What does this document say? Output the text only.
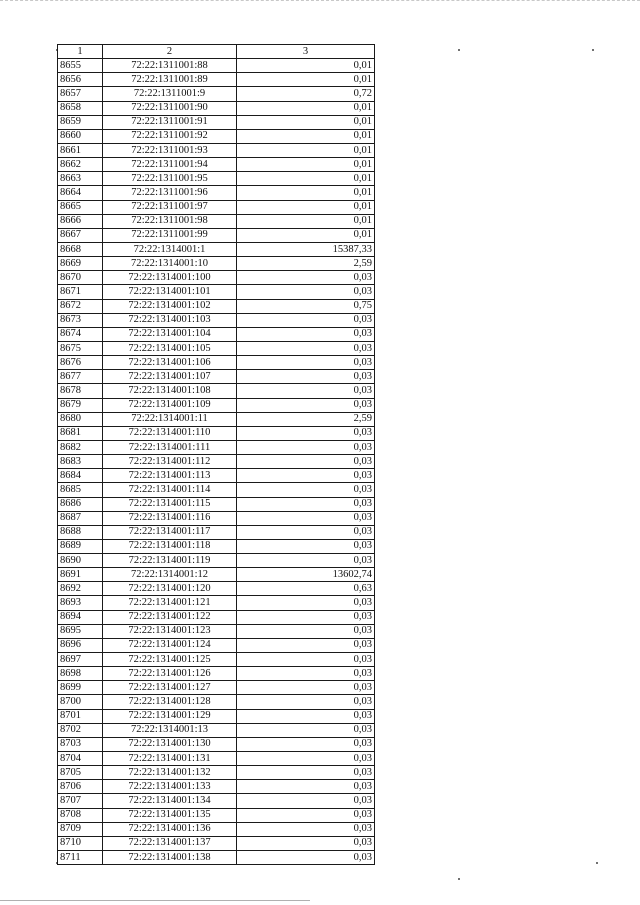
1	2	3
8655	72:22:1311001:88	0,01
8656	72:22:1311001:89	0,01
8657	72:22:1311001:9	0,72
8658	72:22:1311001:90	0,01
8659	72:22:1311001:91	0,01
8660	72:22:1311001:92	0,01
8661	72:22:1311001:93	0,01
8662	72:22:1311001:94	0,01
8663	72:22:1311001:95	0,01
8664	72:22:1311001:96	0,01
8665	72:22:1311001:97	0,01
8666	72:22:1311001:98	0,01
8667	72:22:1311001:99	0,01
8668	72:22:1314001:1	15387,33
8669	72:22:1314001:10	2,59
8670	72:22:1314001:100	0,03
8671	72:22:1314001:101	0,03
8672	72:22:1314001:102	0,75
8673	72:22:1314001:103	0,03
8674	72:22:1314001:104	0,03
8675	72:22:1314001:105	0,03
8676	72:22:1314001:106	0,03
8677	72:22:1314001:107	0,03
8678	72:22:1314001:108	0,03
8679	72:22:1314001:109	0,03
8680	72:22:1314001:11	2,59
8681	72:22:1314001:110	0,03
8682	72:22:1314001:111	0,03
8683	72:22:1314001:112	0,03
8684	72:22:1314001:113	0,03
8685	72:22:1314001:114	0,03
8686	72:22:1314001:115	0,03
8687	72:22:1314001:116	0,03
8688	72:22:1314001:117	0,03
8689	72:22:1314001:118	0,03
8690	72:22:1314001:119	0,03
8691	72:22:1314001:12	13602,74
8692	72:22:1314001:120	0,63
8693	72:22:1314001:121	0,03
8694	72:22:1314001:122	0,03
8695	72:22:1314001:123	0,03
8696	72:22:1314001:124	0,03
8697	72:22:1314001:125	0,03
8698	72:22:1314001:126	0,03
8699	72:22:1314001:127	0,03
8700	72:22:1314001:128	0,03
8701	72:22:1314001:129	0,03
8702	72:22:1314001:13	0,03
8703	72:22:1314001:130	0,03
8704	72:22:1314001:131	0,03
8705	72:22:1314001:132	0,03
8706	72:22:1314001:133	0,03
8707	72:22:1314001:134	0,03
8708	72:22:1314001:135	0,03
8709	72:22:1314001:136	0,03
8710	72:22:1314001:137	0,03
8711	72:22:1314001:138	0,03
